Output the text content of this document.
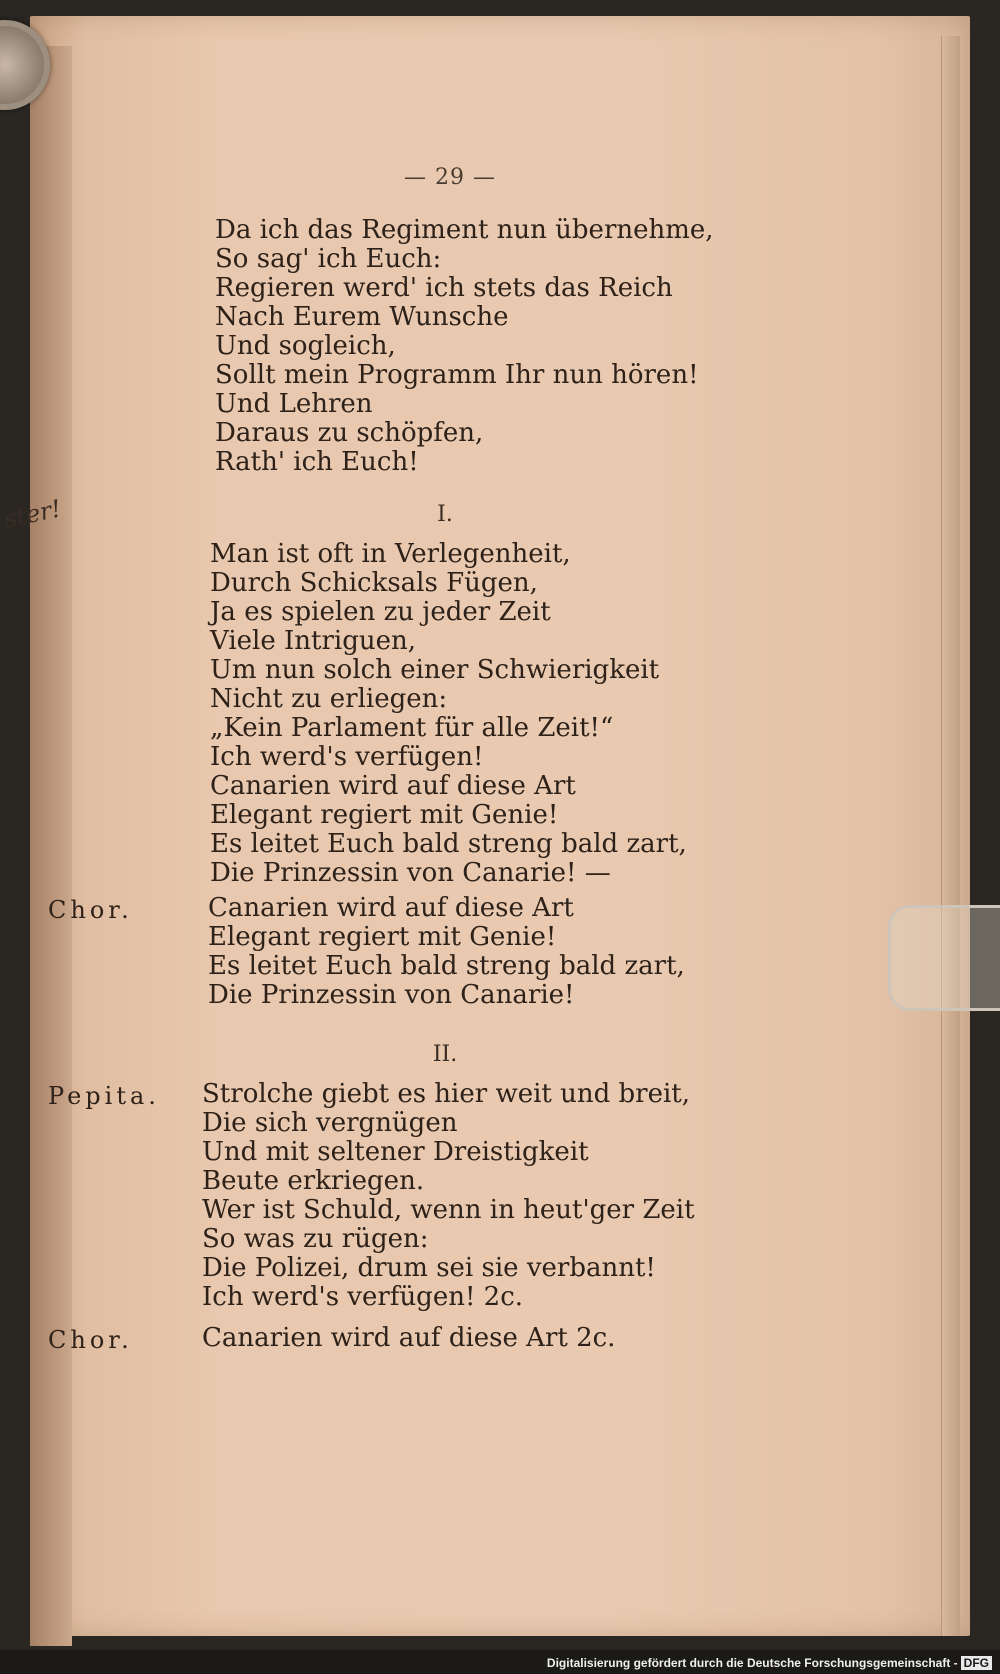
ster!
— 29 —
Da ich das Regiment nun übernehme,
So sag' ich Euch:
Regieren werd' ich stets das Reich
Nach Eurem Wunsche
Und sogleich,
Sollt mein Programm Ihr nun hören!
Und Lehren
Daraus zu schöpfen,
Rath' ich Euch!
I.
Man ist oft in Verlegenheit,
Durch Schicksals Fügen,
Ja es spielen zu jeder Zeit
Viele Intriguen,
Um nun solch einer Schwierigkeit
Nicht zu erliegen:
„Kein Parlament für alle Zeit!“
Ich werd's verfügen!
Canarien wird auf diese Art
Elegant regiert mit Genie!
Es leitet Euch bald streng bald zart,
Die Prinzessin von Canarie! —
Chor.	Canarien wird auf diese Art
Elegant regiert mit Genie!
Es leitet Euch bald streng bald zart,
Die Prinzessin von Canarie!
II.
Pepita. Strolche giebt es hier weit und breit,
Die sich vergnügen
Und mit seltener Dreistigkeit
Beute erkriegen.
Wer ist Schuld, wenn in heut'ger Zeit
So was zu rügen:
Die Polizei, drum sei sie verbannt!
Ich werd's verfügen! 2c.
Chor.	Canarien wird auf diese Art 2c.
Digitalisierung gefördert durch die Deutsche Forschungsgemeinschaft - DFG
